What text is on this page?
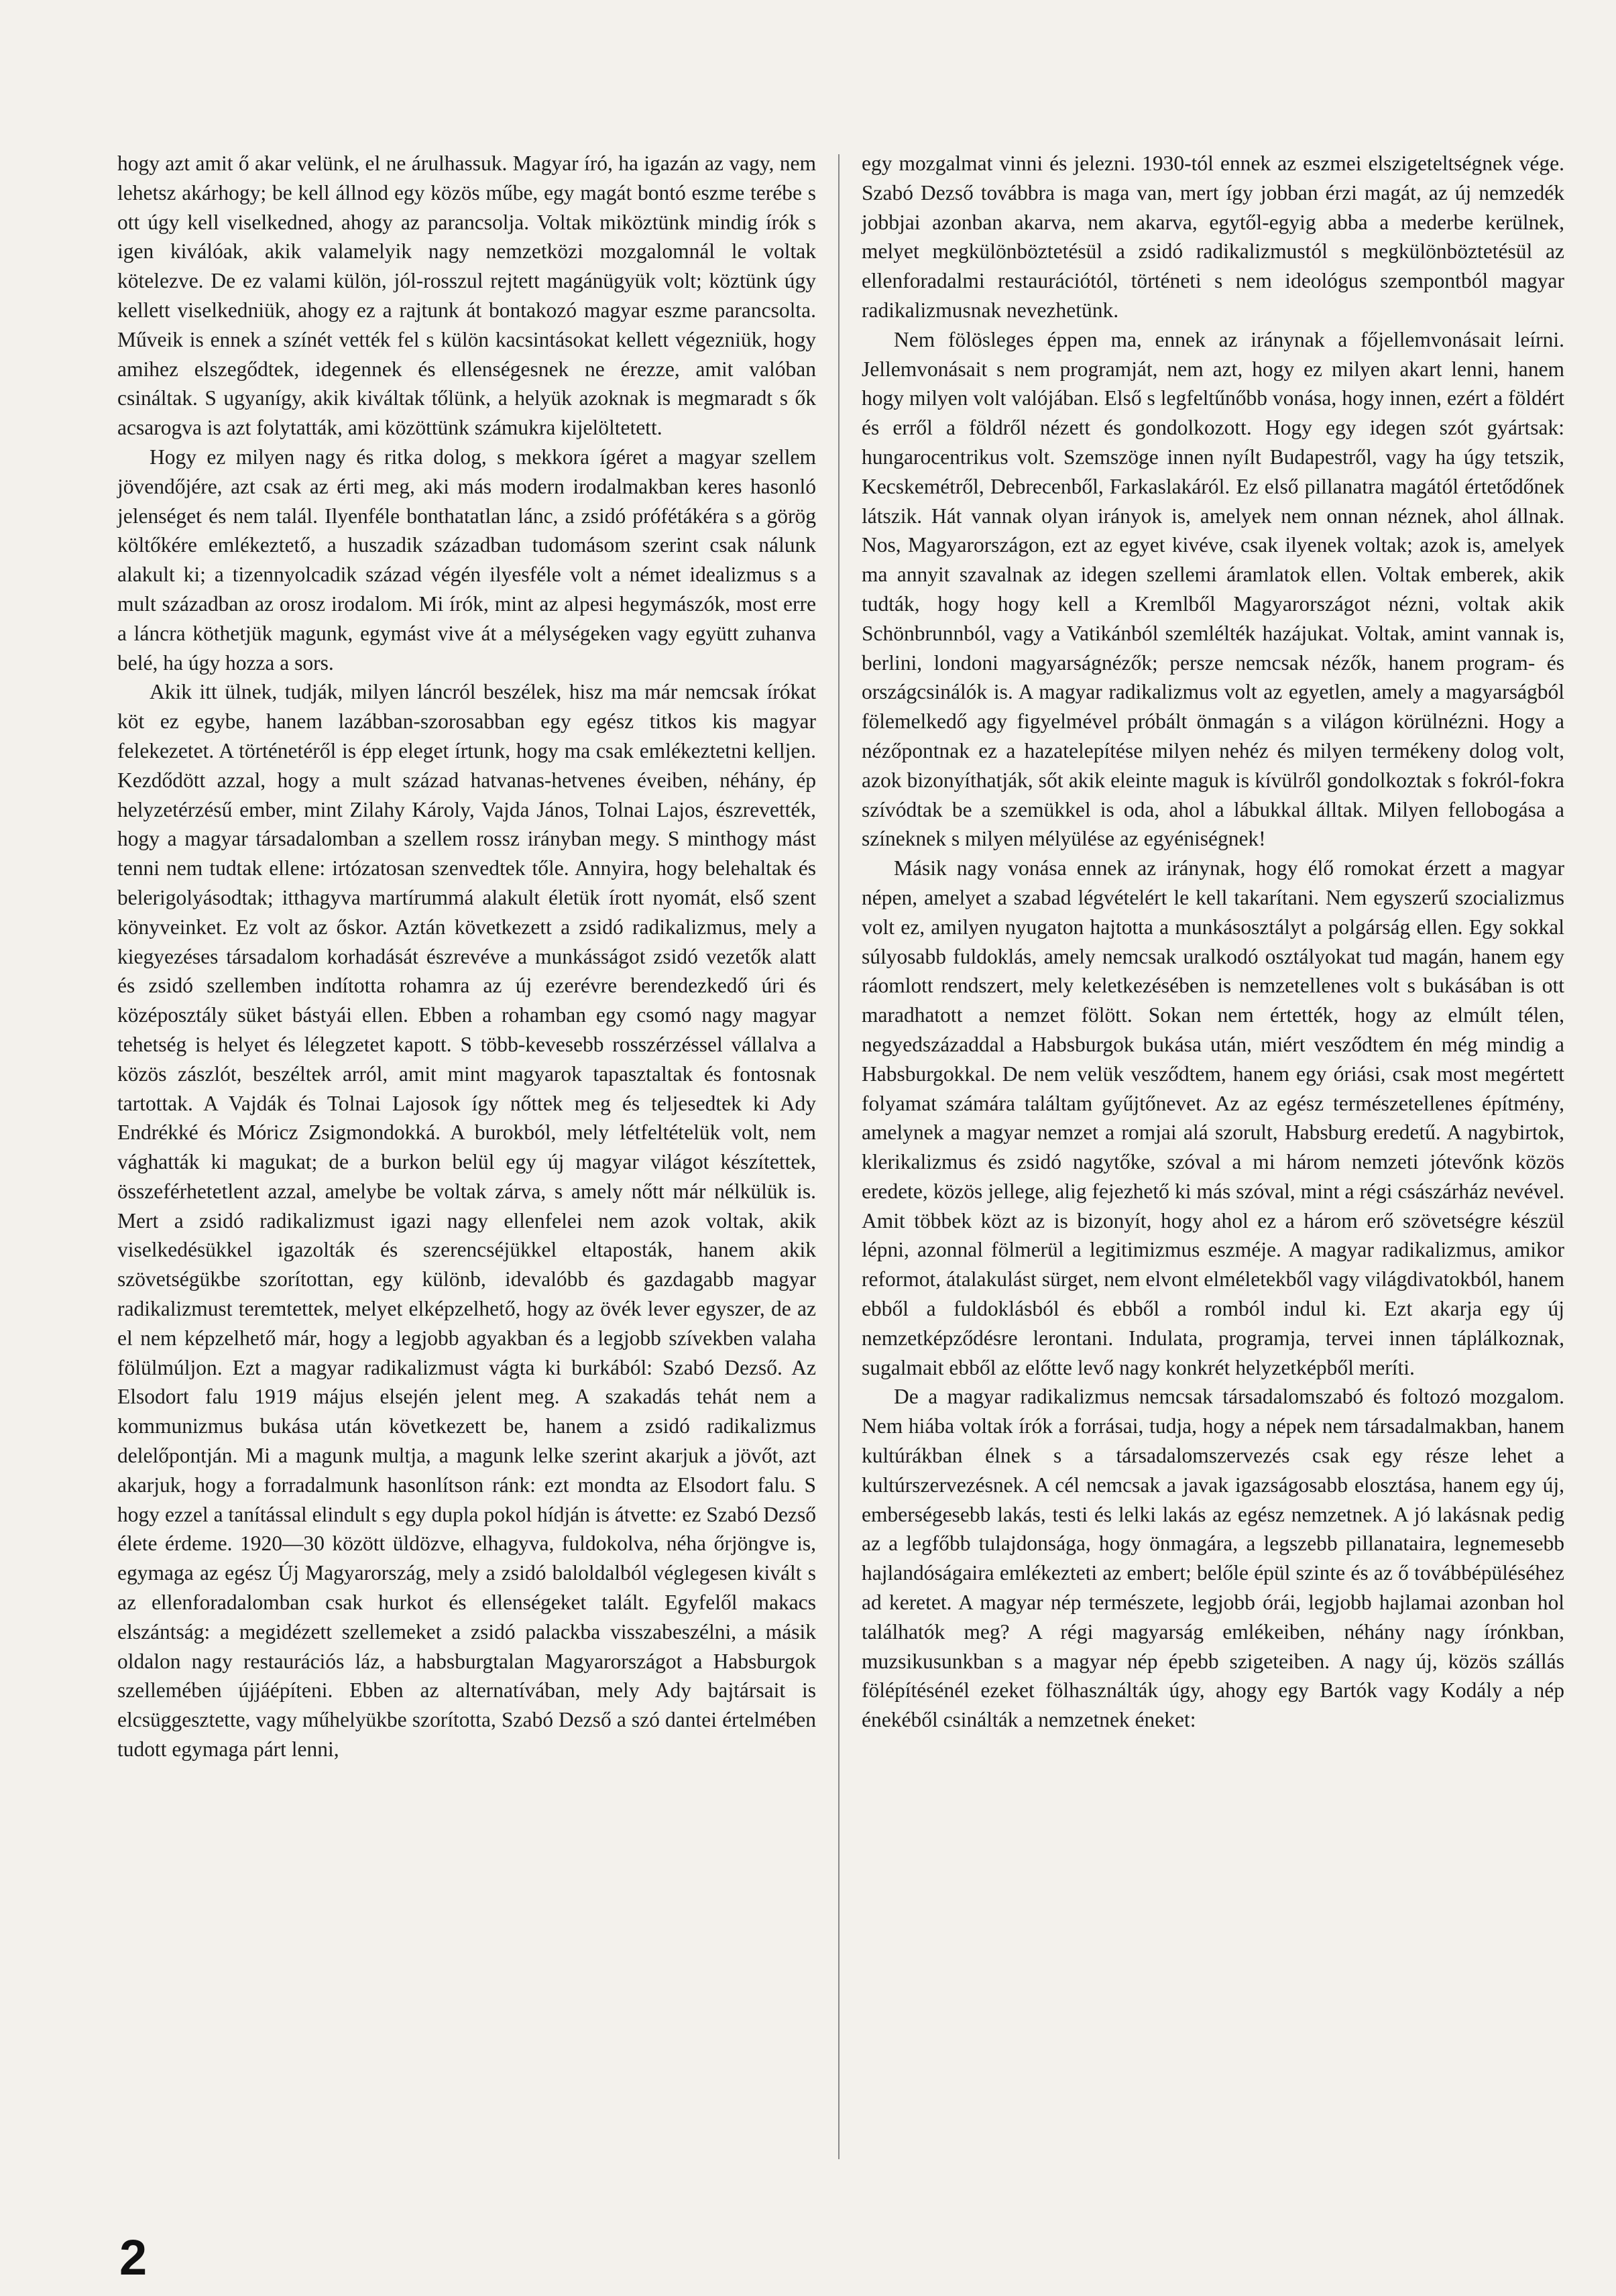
hogy azt amit ő akar velünk, el ne árulhassuk. Magyar író, ha igazán az vagy, nem lehetsz akárhogy; be kell állnod egy közös műbe, egy magát bontó eszme terébe s ott úgy kell viselkedned, ahogy az parancsolja. Voltak miköztünk mindig írók s igen kiválóak, akik valamelyik nagy nemzetközi mozgalomnál le voltak kötelezve. De ez valami külön, jól-rosszul rejtett magánügyük volt; köztünk úgy kellett viselkedniük, ahogy ez a rajtunk át bontakozó magyar eszme parancsolta. Műveik is ennek a színét vették fel s külön kacsintásokat kellett végezniük, hogy amihez elszegődtek, idegennek és ellenségesnek ne érezze, amit valóban csináltak. S ugyanígy, akik kiváltak tőlünk, a helyük azoknak is megmaradt s ők acsarogva is azt folytatták, ami közöttünk számukra kijelöltetett.

Hogy ez milyen nagy és ritka dolog, s mekkora ígéret a magyar szellem jövendőjére, azt csak az érti meg, aki más modern irodalmakban keres hasonló jelenséget és nem talál. Ilyenféle bonthatatlan lánc, a zsidó prófétákéra s a görög költőkére emlékeztető, a huszadik században tudomásom szerint csak nálunk alakult ki; a tizennyolcadik század végén ilyesféle volt a német idealizmus s a mult században az orosz irodalom. Mi írók, mint az alpesi hegymászók, most erre a láncra köthetjük magunk, egymást vive át a mélységeken vagy együtt zuhanva belé, ha úgy hozza a sors.

Akik itt ülnek, tudják, milyen láncról beszélek, hisz ma már nemcsak írókat köt ez egybe, hanem lazábban-szorosabban egy egész titkos kis magyar felekezetet. A történetéről is épp eleget írtunk, hogy ma csak emlékeztetni kelljen. Kezdődött azzal, hogy a mult század hatvanas-hetvenes éveiben, néhány, ép helyzetérzésű ember, mint Zilahy Károly, Vajda János, Tolnai Lajos, észrevették, hogy a magyar társadalomban a szellem rossz irányban megy. S minthogy mást tenni nem tudtak ellene: irtózatosan szenvedtek tőle. Annyira, hogy belehaltak és belerigolyásodtak; itthagyva martírummá alakult életük írott nyomát, első szent könyveinket. Ez volt az őskor. Aztán következett a zsidó radikalizmus, mely a kiegyezéses társadalom korhadását észrevéve a munkásságot zsidó vezetők alatt és zsidó szellemben indította rohamra az új ezerévre berendezkedő úri és középosztály süket bástyái ellen. Ebben a rohamban egy csomó nagy magyar tehetség is helyet és lélegzetet kapott. S több-kevesebb rosszérzéssel vállalva a közös zászlót, beszéltek arról, amit mint magyarok tapasztaltak és fontosnak tartottak. A Vajdák és Tolnai Lajosok így nőttek meg és teljesedtek ki Ady Endrékké és Móricz Zsigmondokká. A burokból, mely létfeltételük volt, nem vághatták ki magukat; de a burkon belül egy új magyar világot készítettek, összeférhetetlent azzal, amelybe be voltak zárva, s amely nőtt már nélkülük is. Mert a zsidó radikalizmust igazi nagy ellenfelei nem azok voltak, akik viselkedésükkel igazolták és szerencséjükkel eltaposták, hanem akik szövetségükbe szorítottan, egy különb, idevalóbb és gazdagabb magyar radikalizmust teremtettek, melyet elképzelhető, hogy az övék lever egyszer, de az el nem képzelhető már, hogy a legjobb agyakban és a legjobb szívekben valaha fölülmúljon. Ezt a magyar radikalizmust vágta ki burkából: Szabó Dezső. Az Elsodort falu 1919 május elsején jelent meg. A szakadás tehát nem a kommunizmus bukása után következett be, hanem a zsidó radikalizmus delelőpontján. Mi a magunk multja, a magunk lelke szerint akarjuk a jövőt, azt akarjuk, hogy a forradalmunk hasonlítson ránk: ezt mondta az Elsodort falu. S hogy ezzel a tanítással elindult s egy dupla pokol hídján is átvette: ez Szabó Dezső élete érdeme. 1920—30 között üldözve, elhagyva, fuldokolva, néha őrjöngve is, egymaga az egész Új Magyarország, mely a zsidó baloldalból véglegesen kivált s az ellenforadalomban csak hurkot és ellenségeket talált. Egyfelől makacs elszántság: a megidézett szellemeket a zsidó palackba visszabeszélni, a másik oldalon nagy restaurációs láz, a habsburgtalan Magyarországot a Habsburgok szellemében újjáépíteni. Ebben az alternatívában, mely Ady bajtársait is elcsüggesztette, vagy műhelyükbe szorította, Szabó Dezső a szó dantei értelmében tudott egymaga párt lenni,

egy mozgalmat vinni és jelezni. 1930-tól ennek az eszmei elszigeteltségnek vége. Szabó Dezső továbbra is maga van, mert így jobban érzi magát, az új nemzedék jobbjai azonban akarva, nem akarva, egytől-egyig abba a mederbe kerülnek, melyet megkülönböztetésül a zsidó radikalizmustól s megkülönböztetésül az ellenforadalmi restaurációtól, történeti s nem ideológus szempontból magyar radikalizmusnak nevezhetünk.

Nem fölösleges éppen ma, ennek az iránynak a főjellemvonásait leírni. Jellemvonásait s nem programját, nem azt, hogy ez milyen akart lenni, hanem hogy milyen volt valójában. Első s legfeltűnőbb vonása, hogy innen, ezért a földért és erről a földről nézett és gondolkozott. Hogy egy idegen szót gyártsak: hungarocentrikus volt. Szemszöge innen nyílt Budapestről, vagy ha úgy tetszik, Kecskemétről, Debrecenből, Farkaslakáról. Ez első pillanatra magától értetődőnek látszik. Hát vannak olyan irányok is, amelyek nem onnan néznek, ahol állnak. Nos, Magyarországon, ezt az egyet kivéve, csak ilyenek voltak; azok is, amelyek ma annyit szavalnak az idegen szellemi áramlatok ellen. Voltak emberek, akik tudták, hogy hogy kell a Kremlből Magyarországot nézni, voltak akik Schönbrunnból, vagy a Vatikánból szemlélték hazájukat. Voltak, amint vannak is, berlini, londoni magyarságnézők; persze nemcsak nézők, hanem program- és országcsinálók is. A magyar radikalizmus volt az egyetlen, amely a magyarságból fölemelkedő agy figyelmével próbált önmagán s a világon körülnézni. Hogy a nézőpontnak ez a hazatelepítése milyen nehéz és milyen termékeny dolog volt, azok bizonyíthatják, sőt akik eleinte maguk is kívülről gondolkoztak s fokról-fokra szívódtak be a szemükkel is oda, ahol a lábukkal álltak. Milyen fellobogása a színeknek s milyen mélyülése az egyéniségnek!

Másik nagy vonása ennek az iránynak, hogy élő romokat érzett a magyar népen, amelyet a szabad légvételért le kell takarítani. Nem egyszerű szocializmus volt ez, amilyen nyugaton hajtotta a munkásosztályt a polgárság ellen. Egy sokkal súlyosabb fuldoklás, amely nemcsak uralkodó osztályokat tud magán, hanem egy ráomlott rendszert, mely keletkezésében is nemzetellenes volt s bukásában is ott maradhatott a nemzet fölött. Sokan nem értették, hogy az elmúlt télen, negyedszázaddal a Habsburgok bukása után, miért vesződtem én még mindig a Habsburgokkal. De nem velük vesződtem, hanem egy óriási, csak most megértett folyamat számára találtam gyűjtőnevet. Az az egész természetellenes építmény, amelynek a magyar nemzet a romjai alá szorult, Habsburg eredetű. A nagybirtok, klerikalizmus és zsidó nagytőke, szóval a mi három nemzeti jótevőnk közös eredete, közös jellege, alig fejezhető ki más szóval, mint a régi császárház nevével. Amit többek közt az is bizonyít, hogy ahol ez a három erő szövetségre készül lépni, azonnal fölmerül a legitimizmus eszméje. A magyar radikalizmus, amikor reformot, átalakulást sürget, nem elvont elméletekből vagy világdivatokból, hanem ebből a fuldoklásból és ebből a romból indul ki. Ezt akarja egy új nemzetképződésre lerontani. Indulata, programja, tervei innen táplálkoznak, sugalmait ebből az előtte levő nagy konkrét helyzetképből meríti.

De a magyar radikalizmus nemcsak társadalomszabó és foltozó mozgalom. Nem hiába voltak írók a forrásai, tudja, hogy a népek nem társadalmakban, hanem kultúrákban élnek s a társadalomszervezés csak egy része lehet a kultúrszervezésnek. A cél nemcsak a javak igazságosabb elosztása, hanem egy új, emberségesebb lakás, testi és lelki lakás az egész nemzetnek. A jó lakásnak pedig az a legfőbb tulajdonsága, hogy önmagára, a legszebb pillanataira, legnemesebb hajlandóságaira emlékezteti az embert; belőle épül szinte és az ő továbbépüléséhez ad keretet. A magyar nép természete, legjobb órái, legjobb hajlamai azonban hol találhatók meg? A régi magyarság emlékeiben, néhány nagy írónkban, muzsikusunkban s a magyar nép épebb szigeteiben. A nagy új, közös szállás fölépítésénél ezeket fölhasználták úgy, ahogy egy Bartók vagy Kodály a nép énekéből csinálták a nemzetnek éneket:

2
